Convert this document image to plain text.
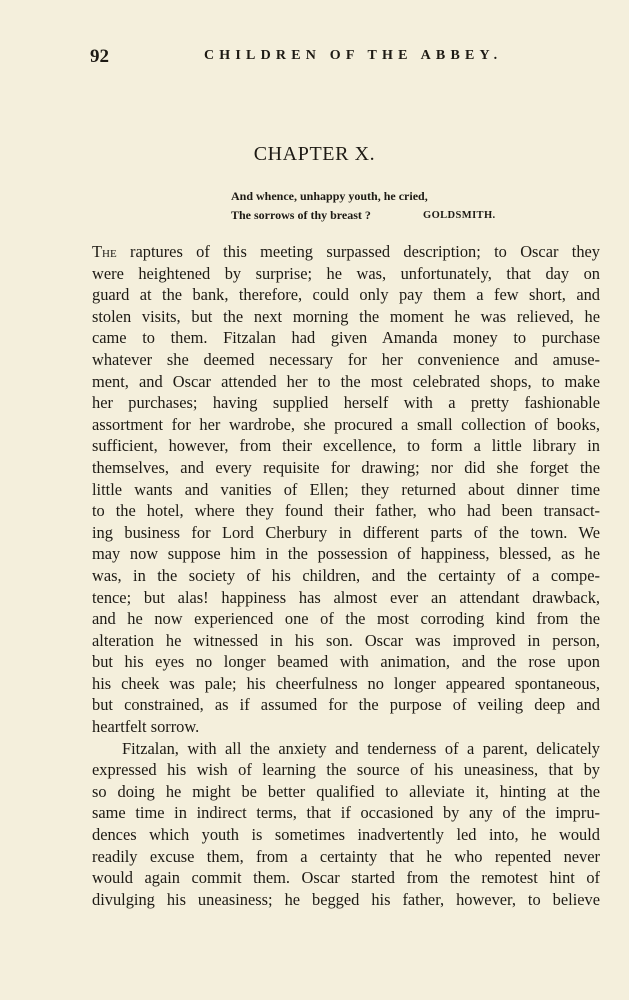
92	CHILDREN OF THE ABBEY.
CHAPTER X.
And whence, unhappy youth, he cried,
The sorrows of thy breast ?	GOLDSMITH.
The raptures of this meeting surpassed description; to Oscar they
were heightened by surprise; he was, unfortunately, that day on
guard at the bank, therefore, could only pay them a few short, and
stolen visits, but the next morning the moment he was relieved, he
came to them. Fitzalan had given Amanda money to purchase
whatever she deemed necessary for her convenience and amuse-
ment, and Oscar attended her to the most celebrated shops, to make
her purchases; having supplied herself with a pretty fashionable
assortment for her wardrobe, she procured a small collection of books,
sufficient, however, from their excellence, to form a little library in
themselves, and every requisite for drawing; nor did she forget the
little wants and vanities of Ellen; they returned about dinner time
to the hotel, where they found their father, who had been transact-
ing business for Lord Cherbury in different parts of the town. We
may now suppose him in the possession of happiness, blessed, as he
was, in the society of his children, and the certainty of a compe-
tence; but alas! happiness has almost ever an attendant drawback,
and he now experienced one of the most corroding kind from the
alteration he witnessed in his son. Oscar was improved in person,
but his eyes no longer beamed with animation, and the rose upon
his cheek was pale; his cheerfulness no longer appeared spontaneous,
but constrained, as if assumed for the purpose of veiling deep and
heartfelt sorrow.
Fitzalan, with all the anxiety and tenderness of a parent, delicately
expressed his wish of learning the source of his uneasiness, that by
so doing he might be better qualified to alleviate it, hinting at the
same time in indirect terms, that if occasioned by any of the impru-
dences which youth is sometimes inadvertently led into, he would
readily excuse them, from a certainty that he who repented never
would again commit them. Oscar started from the remotest hint of
divulging his uneasiness; he begged his father, however, to believe
